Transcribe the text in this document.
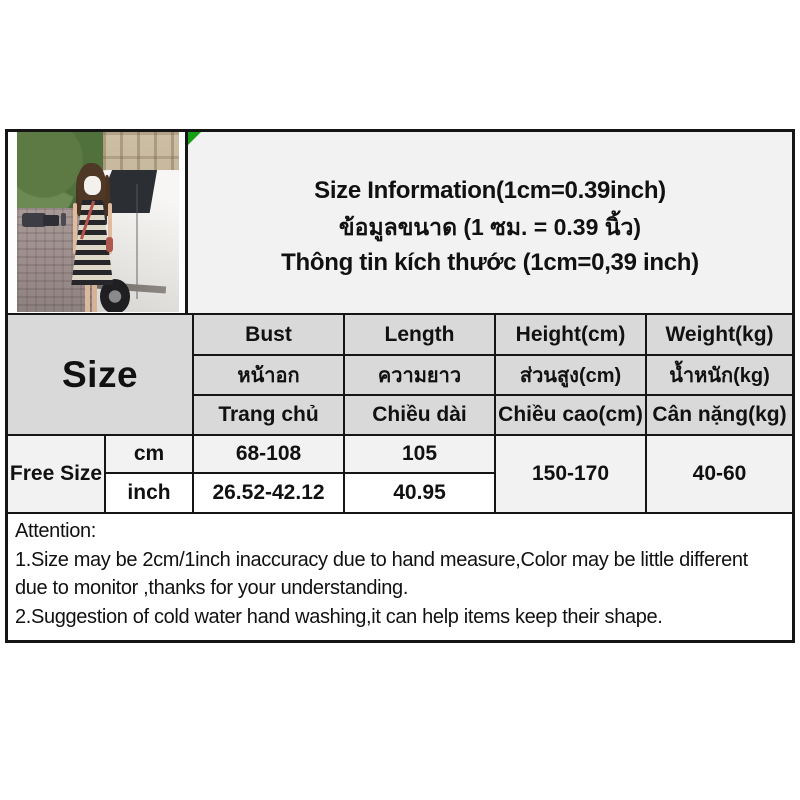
Size Information(1cm=0.39inch)
ข้อมูลขนาด (1 ซม. = 0.39 นิ้ว)
Thông tin kích thước (1cm=0,39 inch)
Size		Bust	Length	Height(cm)	Weight(kg)
		หน้าอก	ความยาว	ส่วนสูง(cm)	น้ำหนัก(kg)
		Trang chủ	Chiều dài	Chiều cao(cm)	Cân nặng(kg)
Free Size	cm	68-108	105	150-170	40-60
	inch	26.52-42.12	40.95		
Attention:
1.Size may be 2cm/1inch inaccuracy due to hand measure,Color may be little different due to monitor ,thanks for your understanding.
2.Suggestion of cold water hand washing,it can help items keep their shape.
